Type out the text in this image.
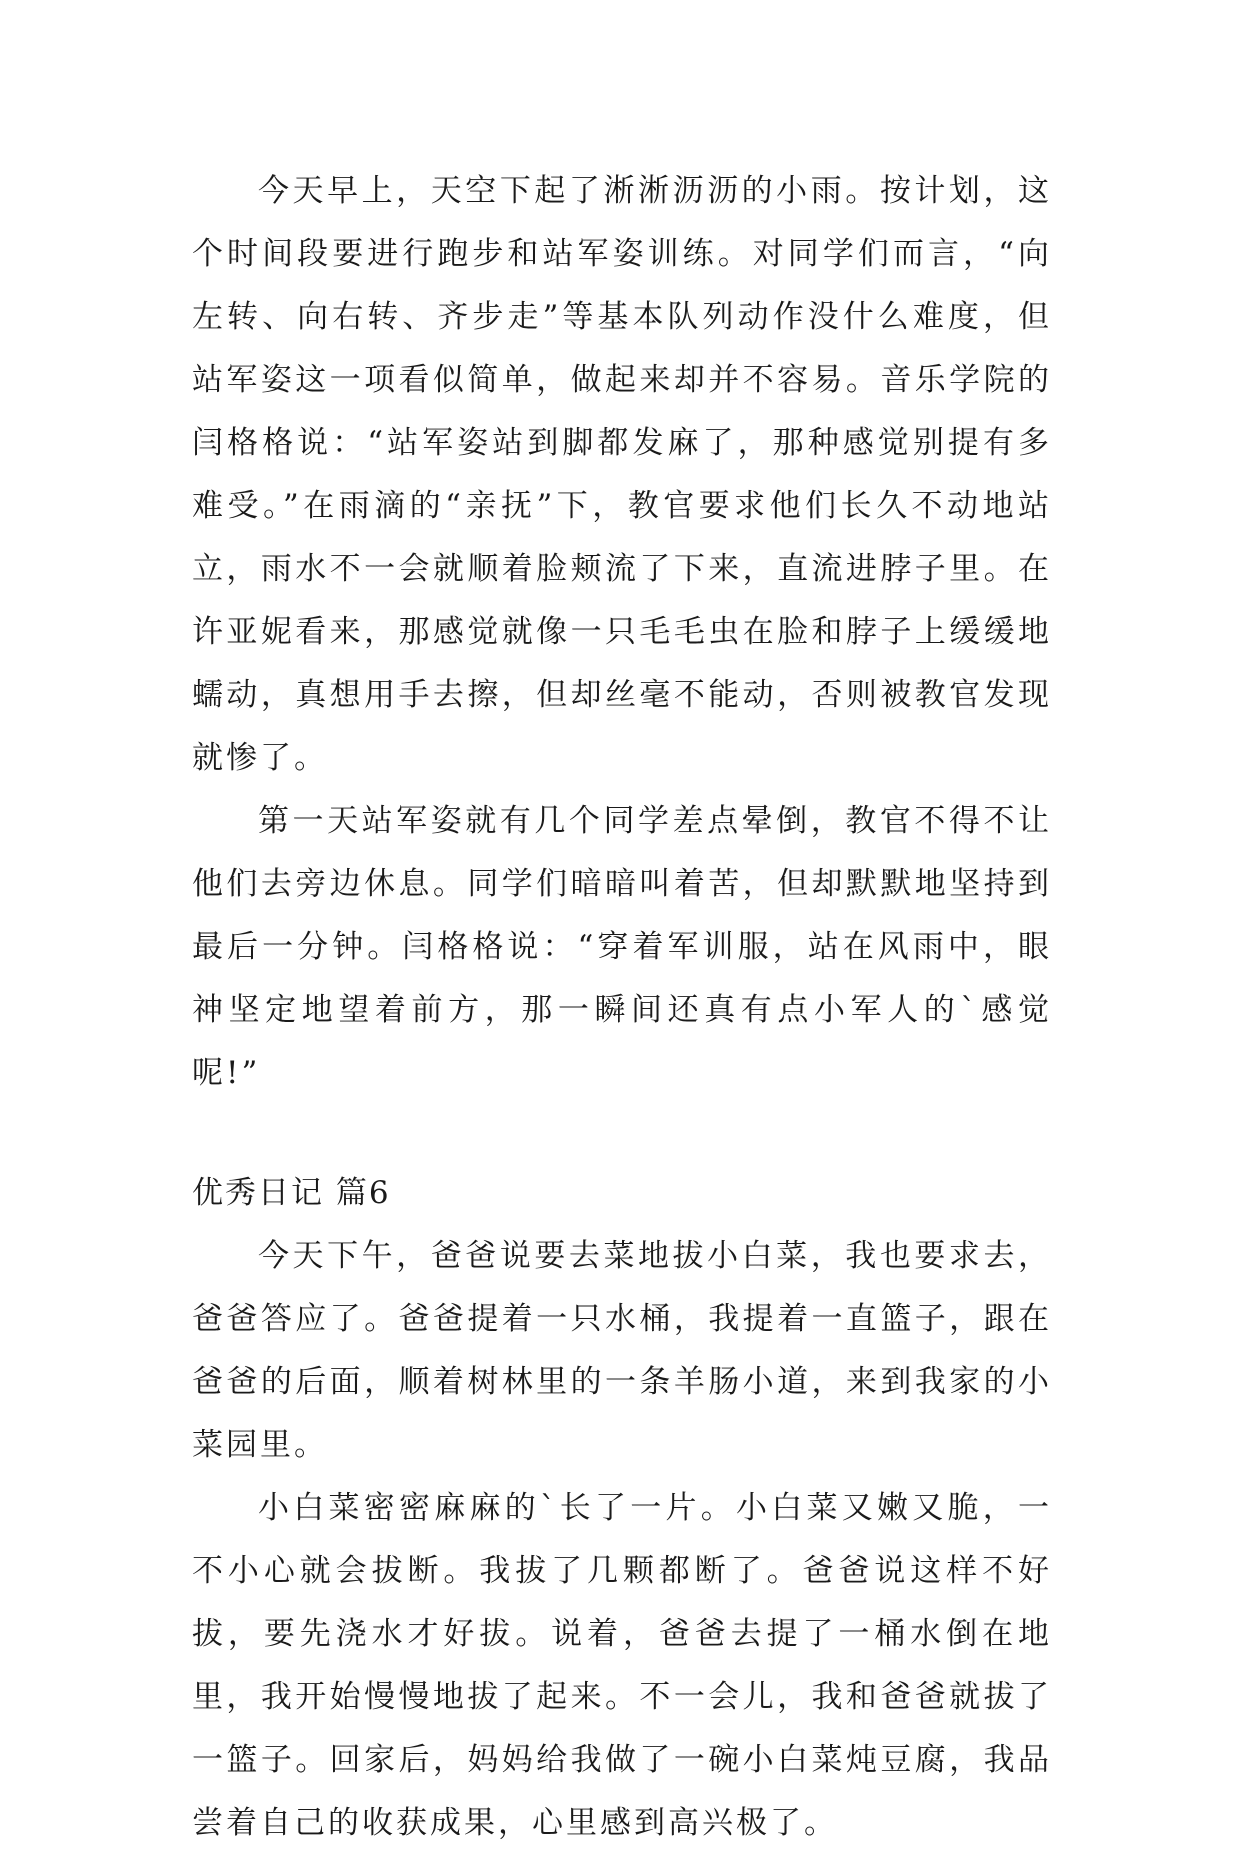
今天早上，天空下起了淅淅沥沥的小雨。按计划，这个时间段要进行跑步和站军姿训练。对同学们而言，“向左转、向右转、齐步走”等基本队列动作没什么难度，但站军姿这一项看似简单，做起来却并不容易。音乐学院的闫格格说：“站军姿站到脚都发麻了，那种感觉别提有多难受。”在雨滴的“亲抚”下，教官要求他们长久不动地站立，雨水不一会就顺着脸颊流了下来，直流进脖子里。在许亚妮看来，那感觉就像一只毛毛虫在脸和脖子上缓缓地蠕动，真想用手去擦，但却丝毫不能动，否则被教官发现就惨了。

第一天站军姿就有几个同学差点晕倒，教官不得不让他们去旁边休息。同学们暗暗叫着苦，但却默默地坚持到最后一分钟。闫格格说：“穿着军训服，站在风雨中，眼神坚定地望着前方，那一瞬间还真有点小军人的`感觉呢!”

优秀日记 篇6

今天下午，爸爸说要去菜地拔小白菜，我也要求去，爸爸答应了。爸爸提着一只水桶，我提着一直篮子，跟在爸爸的后面，顺着树林里的一条羊肠小道，来到我家的小菜园里。

小白菜密密麻麻的`长了一片。小白菜又嫩又脆，一不小心就会拔断。我拔了几颗都断了。爸爸说这样不好拔，要先浇水才好拔。说着，爸爸去提了一桶水倒在地里，我开始慢慢地拔了起来。不一会儿，我和爸爸就拔了一篮子。回家后，妈妈给我做了一碗小白菜炖豆腐，我品尝着自己的收获成果，心里感到高兴极了。
